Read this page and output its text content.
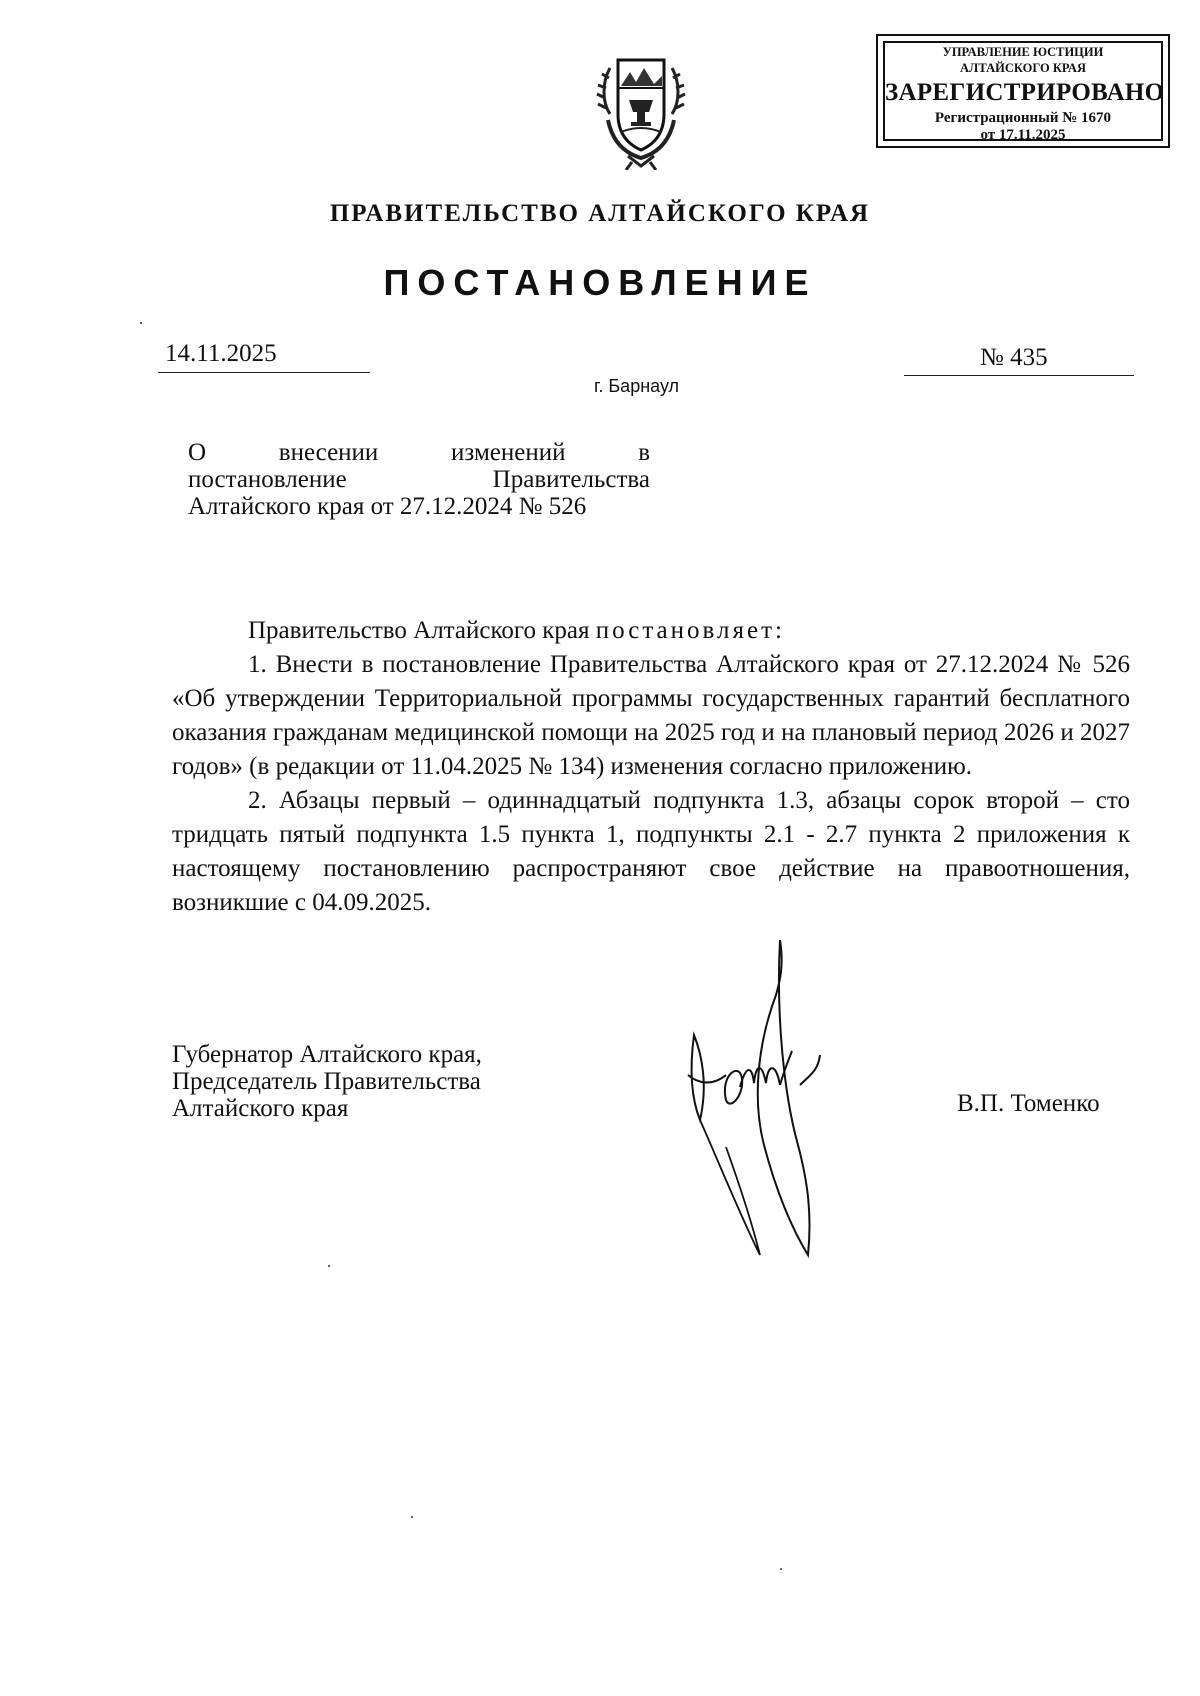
УПРАВЛЕНИЕ ЮСТИЦИИ
АЛТАЙСКОГО КРАЯ
ЗАРЕГИСТРИРОВАНО
Регистрационный № 1670
от 17.11.2025
ПРАВИТЕЛЬСТВО АЛТАЙСКОГО КРАЯ
ПОСТАНОВЛЕНИЕ
14.11.2025	№ 435
г. Барнаул
О внесении изменений в
постановление Правительства
Алтайского края от 27.12.2024 № 526

Правительство Алтайского края постановляет:

1. Внести в постановление Правительства Алтайского края от 27.12.2024 № 526 «Об утверждении Территориальной программы государственных гарантий бесплатного оказания гражданам медицинской помощи на 2025 год и на плановый период 2026 и 2027 годов» (в редакции от 11.04.2025 № 134) изменения согласно приложению.

2. Абзацы первый – одиннадцатый подпункта 1.3, абзацы сорок второй – сто тридцать пятый подпункта 1.5 пункта 1, подпункты 2.1 - 2.7 пункта 2 приложения к настоящему постановлению распространяют свое действие на правоотношения, возникшие с 04.09.2025.

Губернатор Алтайского края,
Председатель Правительства
Алтайского края	В.П. Томенко
